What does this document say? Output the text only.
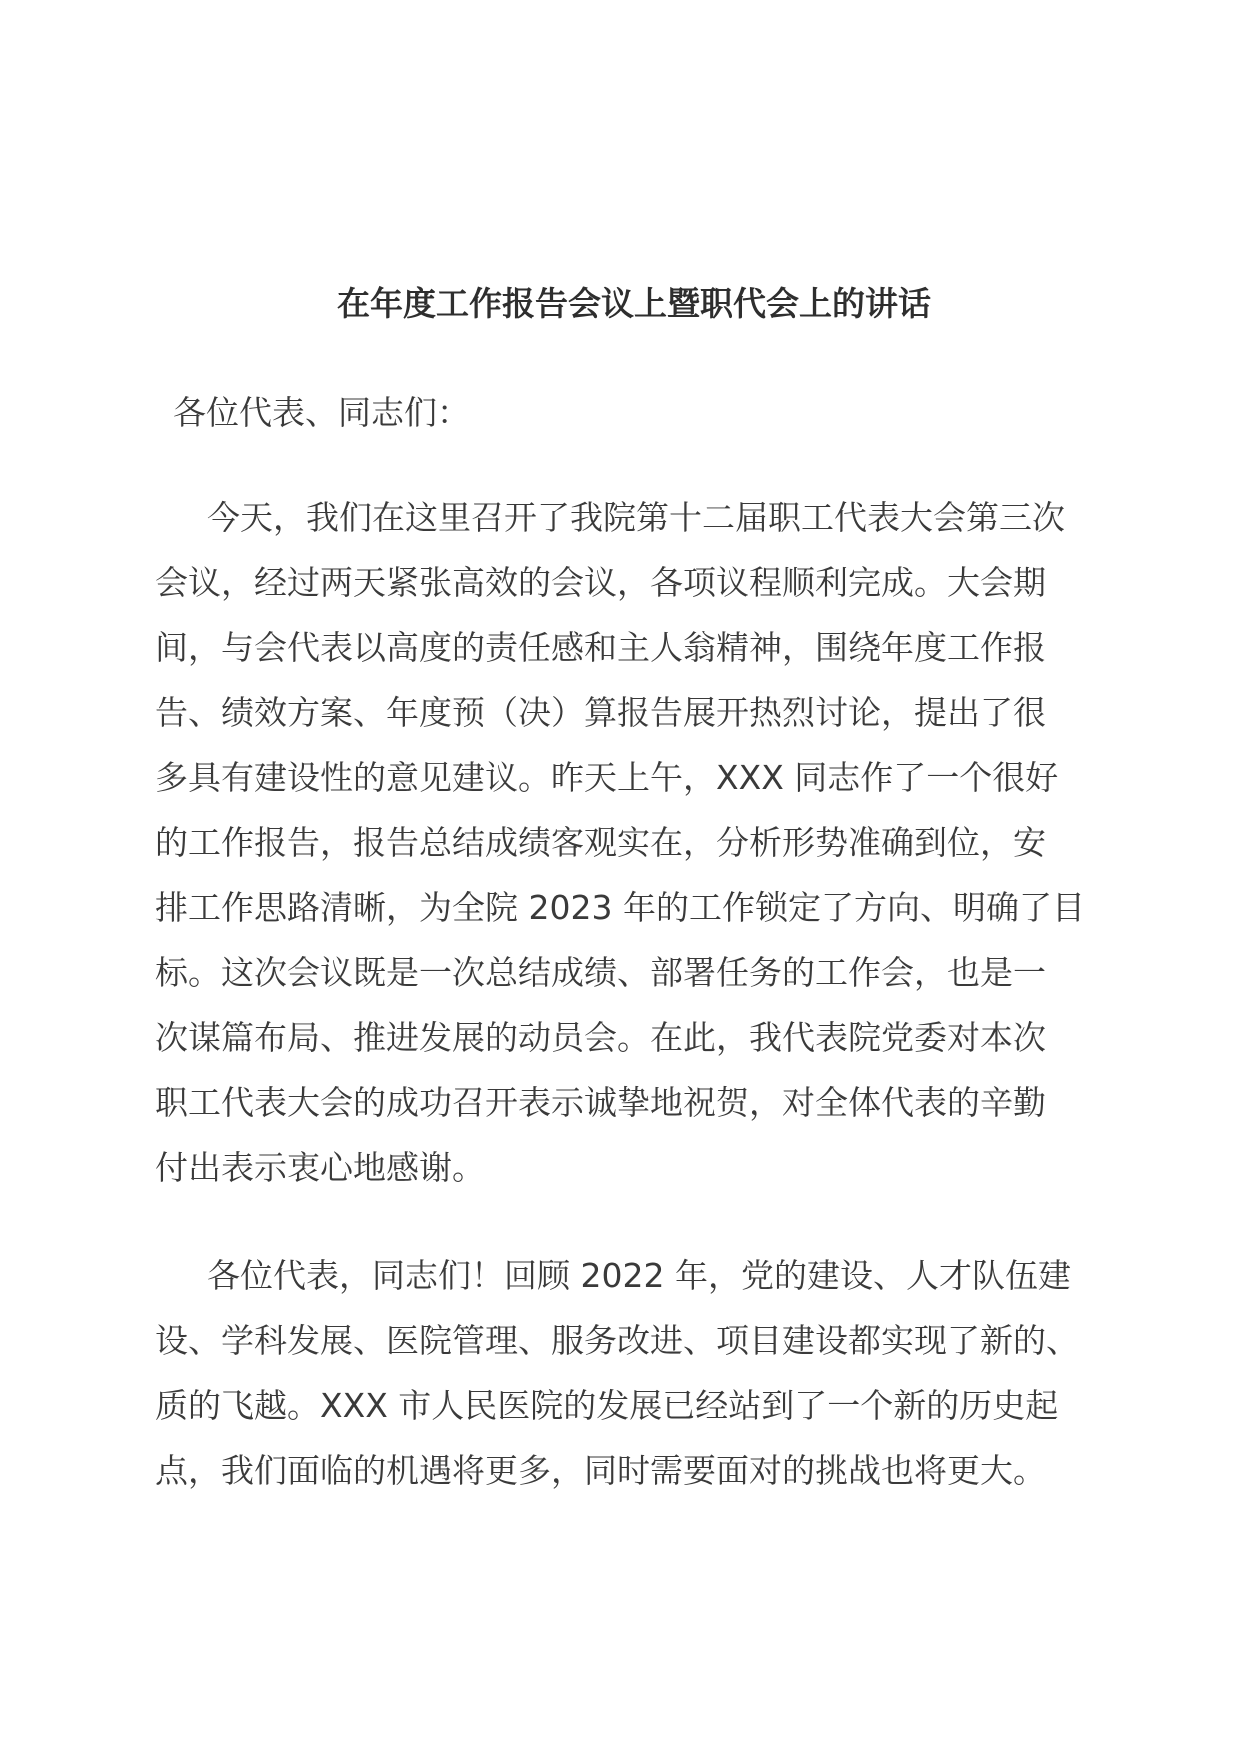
在年度工作报告会议上暨职代会上的讲话

各位代表、同志们：

今天，我们在这里召开了我院第十二届职工代表大会第三次
会议，经过两天紧张高效的会议，各项议程顺利完成。大会期
间，与会代表以高度的责任感和主人翁精神，围绕年度工作报
告、绩效方案、年度预（决）算报告展开热烈讨论，提出了很
多具有建设性的意见建议。昨天上午，XXX 同志作了一个很好
的工作报告，报告总结成绩客观实在，分析形势准确到位，安
排工作思路清晰，为全院 2023 年的工作锁定了方向、明确了目
标。这次会议既是一次总结成绩、部署任务的工作会，也是一
次谋篇布局、推进发展的动员会。在此，我代表院党委对本次
职工代表大会的成功召开表示诚挚地祝贺，对全体代表的辛勤
付出表示衷心地感谢。
各位代表，同志们！回顾 2022 年，党的建设、人才队伍建
设、学科发展、医院管理、服务改进、项目建设都实现了新的、
质的飞越。XXX 市人民医院的发展已经站到了一个新的历史起
点，我们面临的机遇将更多，同时需要面对的挑战也将更大。
